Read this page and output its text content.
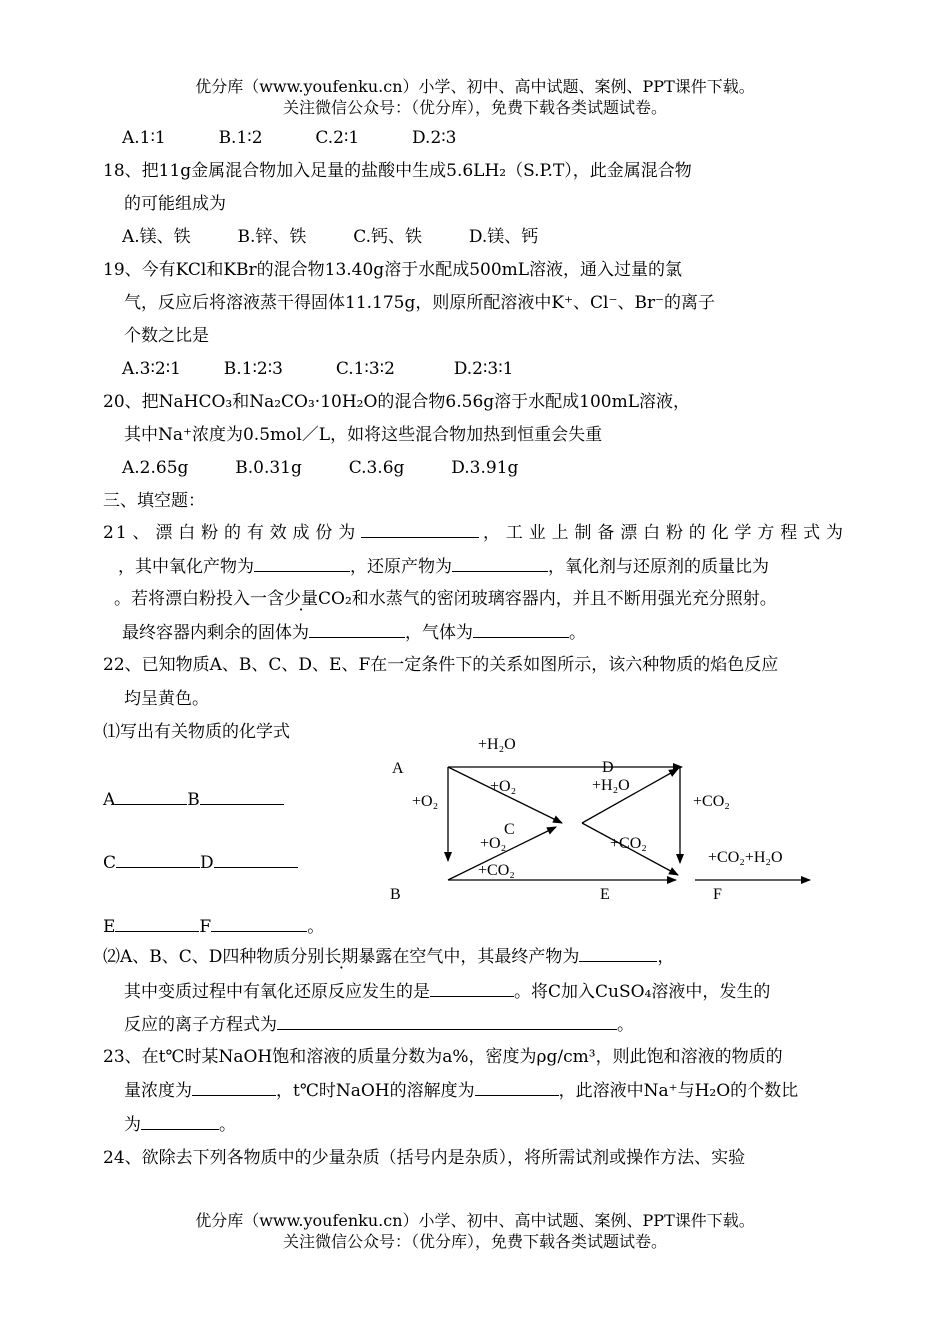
优分库（www.youfenku.cn）小学、初中、高中试题、案例、PPT课件下载。
关注微信公众号：（优分库），免费下载各类试题试卷。
A.1∶1	B.1∶2	C.2∶1	D.2∶3
18、把11g金属混合物加入足量的盐酸中生成5.6LH₂（S.P.T），此金属混合物
的可能组成为
A.镁、铁	B.锌、铁	C.钙、铁	D.镁、钙
19、今有KCl和KBr的混合物13.40g溶于水配成500mL溶液，通入过量的氯
气，反应后将溶液蒸干得固体11.175g，则原所配溶液中K⁺、Cl⁻、Br⁻的离子
个数之比是
A.3∶2∶1	B.1∶2∶3	C.1∶3∶2	D.2∶3∶1
20、把NaHCO₃和Na₂CO₃·10H₂O的混合物6.56g溶于水配成100mL溶液，
其中Na⁺浓度为0.5mol／L，如将这些混合物加热到恒重会失重
A.2.65g	B.0.31g	C.3.6g	D.3.91g
三、填空题：
21、漂白粉的有效成份为	，工业上制备漂白粉的化学方程式为
，其中氧化产物为	，还原产物为	，氧化剂与还原剂的质量比为
。若将漂白粉投入一含少量CO₂和水蒸气的密闭玻璃容器内，并且不断用强光充分照射。
最终容器内剩余的固体为	，气体为	。
22、已知物质A、B、C、D、E、F在一定条件下的关系如图所示，该六种物质的焰色反应
均呈黄色。
⑴写出有关物质的化学式
A	B
C	D
E	F	。
A
B
C
D
E	F
+H₂O
+O₂
+O₂	+H₂O
+O₂	+CO₂
+CO₂
+CO₂
+CO₂+H₂O
⑵A、B、C、D四种物质分别长期暴露在空气中，其最终产物为	，
其中变质过程中有氧化还原反应发生的是	。将C加入CuSO₄溶液中，发生的
反应的离子方程式为	。
23、在t℃时某NaOH饱和溶液的质量分数为a%，密度为ρg/cm³，则此饱和溶液的物质的
量浓度为	，t℃时NaOH的溶解度为	，此溶液中Na⁺与H₂O的个数比
为	。
24、欲除去下列各物质中的少量杂质（括号内是杂质），将所需试剂或操作方法、实验
优分库（www.youfenku.cn）小学、初中、高中试题、案例、PPT课件下载。
关注微信公众号：（优分库），免费下载各类试题试卷。
